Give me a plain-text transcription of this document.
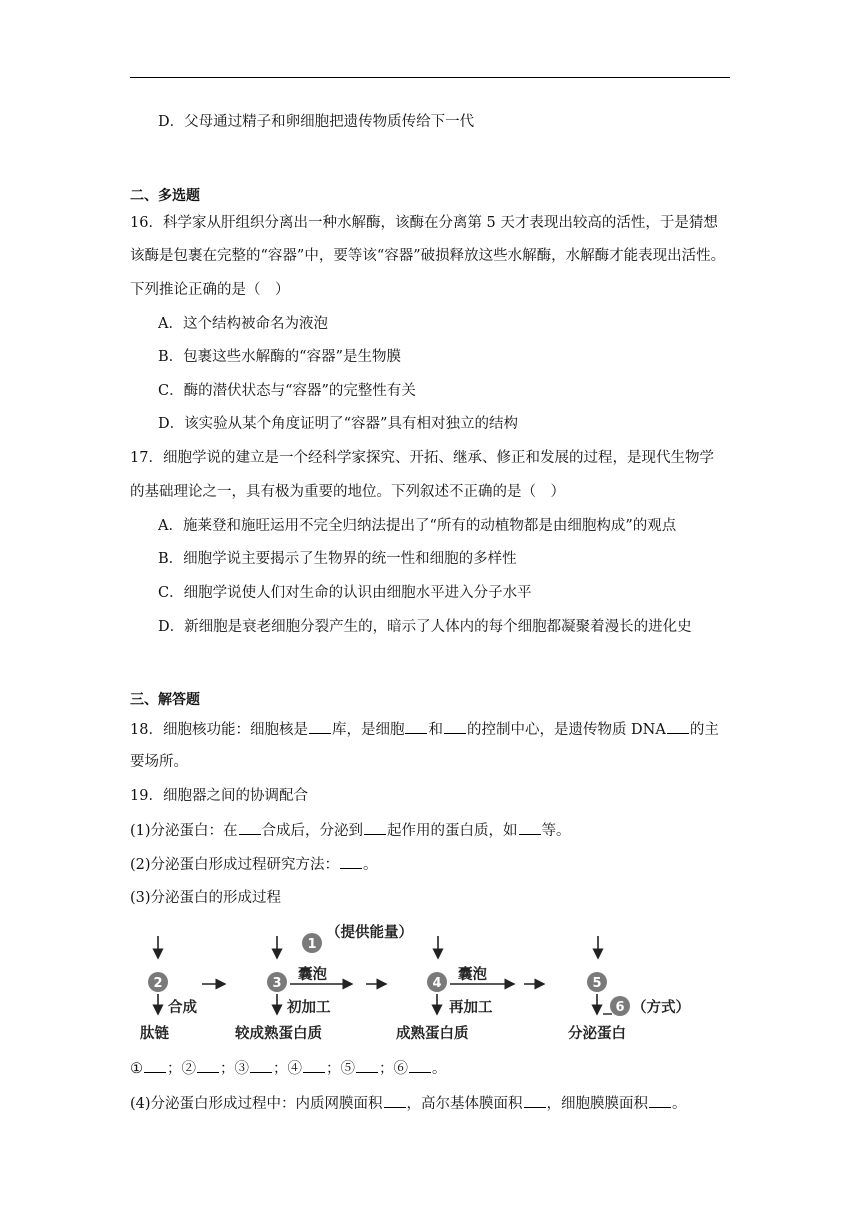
D．父母通过精子和卵细胞把遗传物质传给下一代
二、多选题
16．科学家从肝组织分离出一种水解酶，该酶在分离第 5 天才表现出较高的活性，于是猜想
该酶是包裹在完整的“容器”中，要等该“容器”破损释放这些水解酶，水解酶才能表现出活性。
下列推论正确的是（　）
A．这个结构被命名为液泡
B．包裹这些水解酶的“容器”是生物膜
C．酶的潜伏状态与“容器”的完整性有关
D．该实验从某个角度证明了“容器”具有相对独立的结构
17．细胞学说的建立是一个经科学家探究、开拓、继承、修正和发展的过程，是现代生物学
的基础理论之一，具有极为重要的地位。下列叙述不正确的是（　）
A．施莱登和施旺运用不完全归纳法提出了“所有的动植物都是由细胞构成”的观点
B．细胞学说主要揭示了生物界的统一性和细胞的多样性
C．细胞学说使人们对生命的认识由细胞水平进入分子水平
D．新细胞是衰老细胞分裂产生的，暗示了人体内的每个细胞都凝聚着漫长的进化史
三、解答题
18．细胞核功能：细胞核是 库，是细胞 和 的控制中心，是遗传物质 DNA 的主
要场所。
19．细胞器之间的协调配合
(1)分泌蛋白：在 合成后，分泌到 起作用的蛋白质，如 等。
(2)分泌蛋白形成过程研究方法： 。
(3)分泌蛋白的形成过程
1
（提供能量）
2	3
囊泡
4
囊泡
5
合成	初加工	再加工	6 （方式）
肽链	较成熟蛋白质	成熟蛋白质	分泌蛋白
① ；② ；③ ；④ ；⑤ ；⑥ 。
(4)分泌蛋白形成过程中：内质网膜面积 ，高尔基体膜面积 ，细胞膜膜面积 。
